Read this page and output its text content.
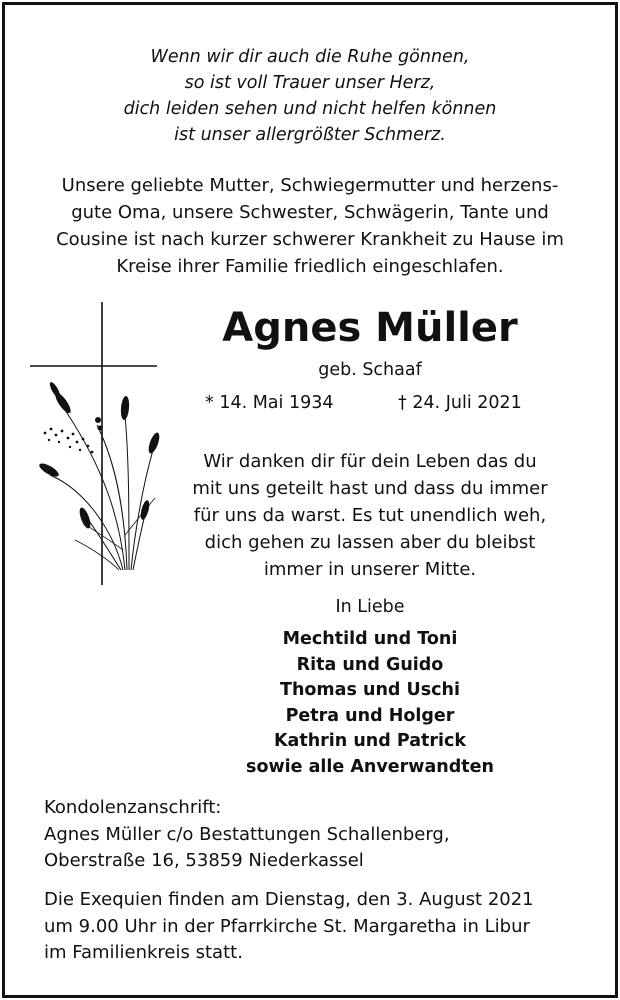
Wenn wir dir auch die Ruhe gönnen,
so ist voll Trauer unser Herz,
dich leiden sehen und nicht helfen können
ist unser allergrößter Schmerz.
Unsere geliebte Mutter, Schwiegermutter und herzens-
gute Oma, unsere Schwester, Schwägerin, Tante und
Cousine ist nach kurzer schwerer Krankheit zu Hause im
Kreise ihrer Familie friedlich eingeschlafen.
Agnes Müller
geb. Schaaf
* 14. Mai 1934	† 24. Juli 2021
Wir danken dir für dein Leben das du
mit uns geteilt hast und dass du immer
für uns da warst. Es tut unendlich weh,
dich gehen zu lassen aber du bleibst
immer in unserer Mitte.
In Liebe
Mechtild und Toni
Rita und Guido
Thomas und Uschi
Petra und Holger
Kathrin und Patrick
sowie alle Anverwandten
Kondolenzanschrift:
Agnes Müller c/o Bestattungen Schallenberg,
Oberstraße 16, 53859 Niederkassel
Die Exequien finden am Dienstag, den 3. August 2021
um 9.00 Uhr in der Pfarrkirche St. Margaretha in Libur
im Familienkreis statt.
